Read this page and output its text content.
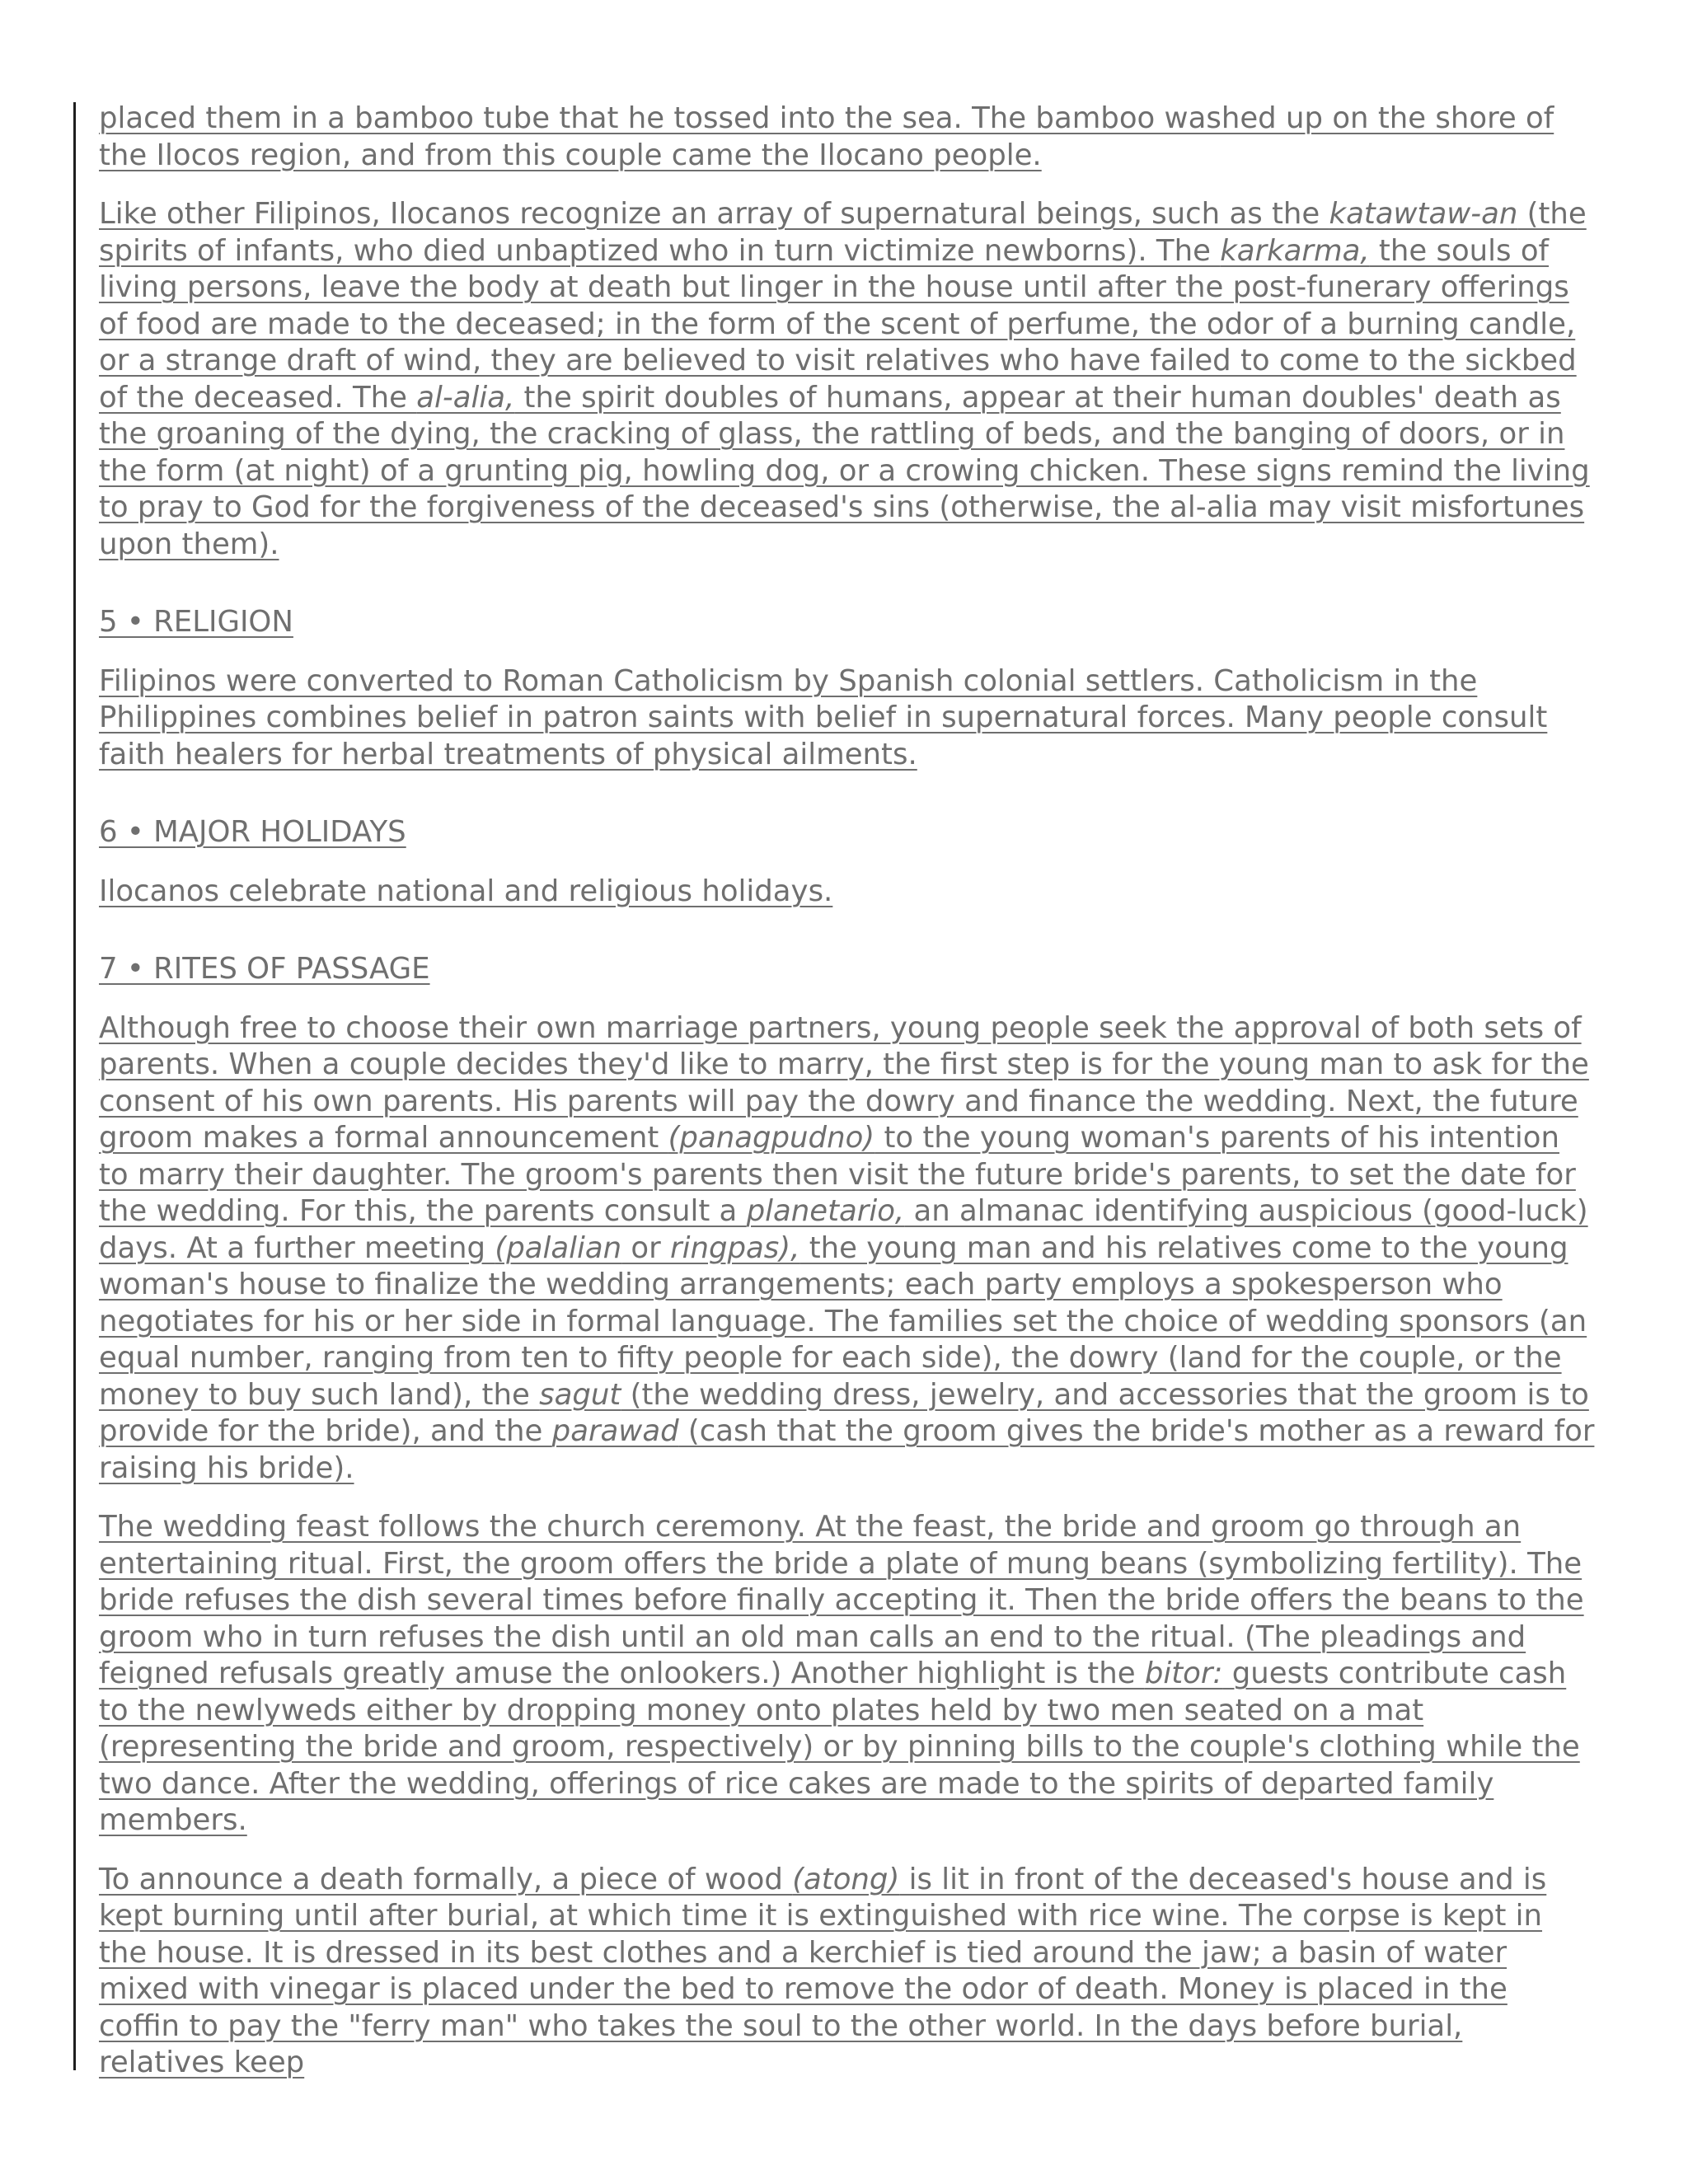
placed them in a bamboo tube that he tossed into the sea. The bamboo washed up on the shore of the Ilocos region, and from this couple came the Ilocano people.

Like other Filipinos, Ilocanos recognize an array of supernatural beings, such as the katawtaw-an (the spirits of infants, who died unbaptized who in turn victimize newborns). The karkarma, the souls of living persons, leave the body at death but linger in the house until after the post-funerary offerings of food are made to the deceased; in the form of the scent of perfume, the odor of a burning candle, or a strange draft of wind, they are believed to visit relatives who have failed to come to the sickbed of the deceased. The al-alia, the spirit doubles of humans, appear at their human doubles' death as the groaning of the dying, the cracking of glass, the rattling of beds, and the banging of doors, or in the form (at night) of a grunting pig, howling dog, or a crowing chicken. These signs remind the living to pray to God for the forgiveness of the deceased's sins (otherwise, the al-alia may visit misfortunes upon them).

5 • RELIGION

Filipinos were converted to Roman Catholicism by Spanish colonial settlers. Catholicism in the Philippines combines belief in patron saints with belief in supernatural forces. Many people consult faith healers for herbal treatments of physical ailments.

6 • MAJOR HOLIDAYS

Ilocanos celebrate national and religious holidays.

7 • RITES OF PASSAGE

Although free to choose their own marriage partners, young people seek the approval of both sets of parents. When a couple decides they'd like to marry, the first step is for the young man to ask for the consent of his own parents. His parents will pay the dowry and finance the wedding. Next, the future groom makes a formal announcement (panagpudno) to the young woman's parents of his intention to marry their daughter. The groom's parents then visit the future bride's parents, to set the date for the wedding. For this, the parents consult a planetario, an almanac identifying auspicious (good-luck) days. At a further meeting (palalian or ringpas), the young man and his relatives come to the young woman's house to finalize the wedding arrangements; each party employs a spokesperson who negotiates for his or her side in formal language. The families set the choice of wedding sponsors (an equal number, ranging from ten to fifty people for each side), the dowry (land for the couple, or the money to buy such land), the sagut (the wedding dress, jewelry, and accessories that the groom is to provide for the bride), and the parawad (cash that the groom gives the bride's mother as a reward for raising his bride).

The wedding feast follows the church ceremony. At the feast, the bride and groom go through an entertaining ritual. First, the groom offers the bride a plate of mung beans (symbolizing fertility). The bride refuses the dish several times before finally accepting it. Then the bride offers the beans to the groom who in turn refuses the dish until an old man calls an end to the ritual. (The pleadings and feigned refusals greatly amuse the onlookers.) Another highlight is the bitor: guests contribute cash to the newlyweds either by dropping money onto plates held by two men seated on a mat (representing the bride and groom, respectively) or by pinning bills to the couple's clothing while the two dance. After the wedding, offerings of rice cakes are made to the spirits of departed family members.

To announce a death formally, a piece of wood (atong) is lit in front of the deceased's house and is kept burning until after burial, at which time it is extinguished with rice wine. The corpse is kept in the house. It is dressed in its best clothes and a kerchief is tied around the jaw; a basin of water mixed with vinegar is placed under the bed to remove the odor of death. Money is placed in the coffin to pay the "ferry man" who takes the soul to the other world. In the days before burial, relatives keep
